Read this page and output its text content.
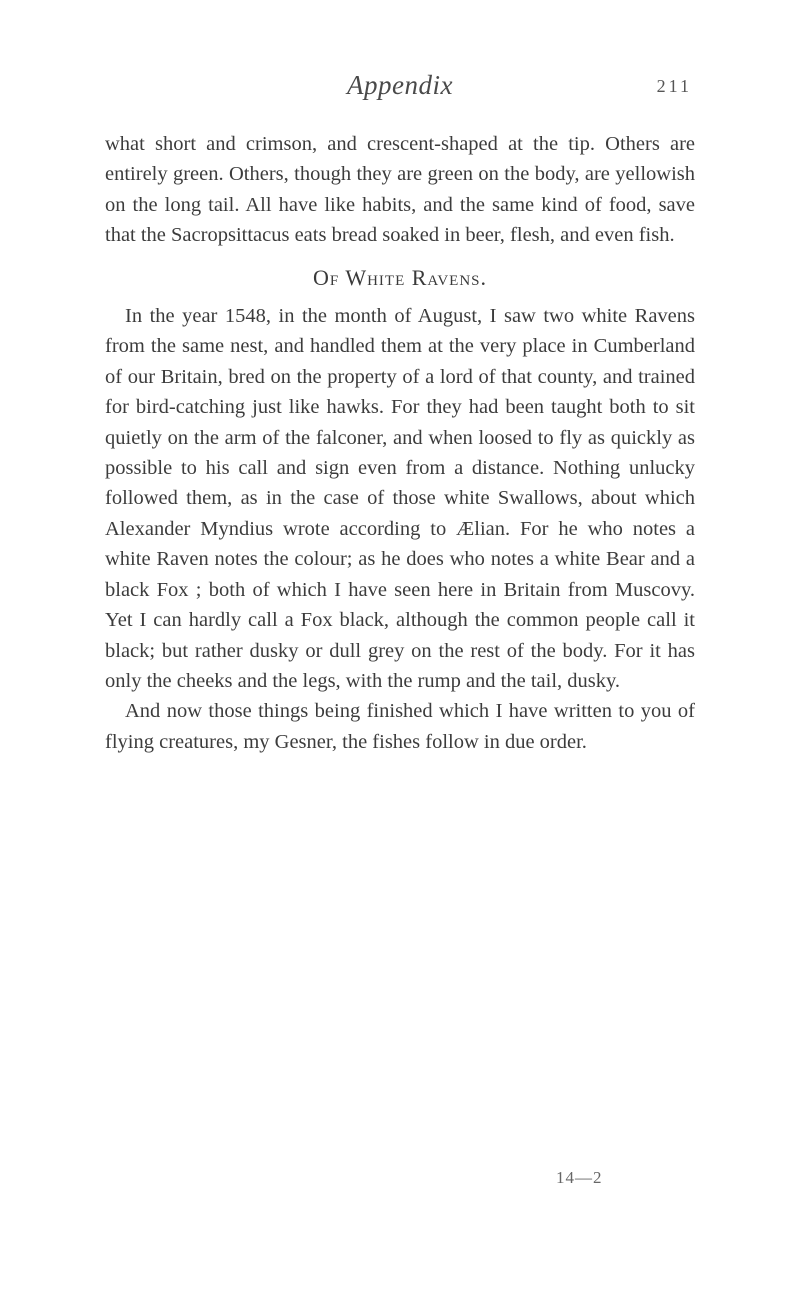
Appendix	211

what short and crimson, and crescent-shaped at the tip. Others are entirely green. Others, though they are green on the body, are yellowish on the long tail. All have like habits, and the same kind of food, save that the Sacropsittacus eats bread soaked in beer, flesh, and even fish.

Of White Ravens.

In the year 1548, in the month of August, I saw two white Ravens from the same nest, and handled them at the very place in Cumberland of our Britain, bred on the property of a lord of that county, and trained for bird-catching just like hawks. For they had been taught both to sit quietly on the arm of the falconer, and when loosed to fly as quickly as possible to his call and sign even from a distance. Nothing unlucky followed them, as in the case of those white Swallows, about which Alexander Myndius wrote according to Ælian. For he who notes a white Raven notes the colour; as he does who notes a white Bear and a black Fox ; both of which I have seen here in Britain from Muscovy. Yet I can hardly call a Fox black, although the common people call it black; but rather dusky or dull grey on the rest of the body. For it has only the cheeks and the legs, with the rump and the tail, dusky.

And now those things being finished which I have written to you of flying creatures, my Gesner, the fishes follow in due order.

14—2
